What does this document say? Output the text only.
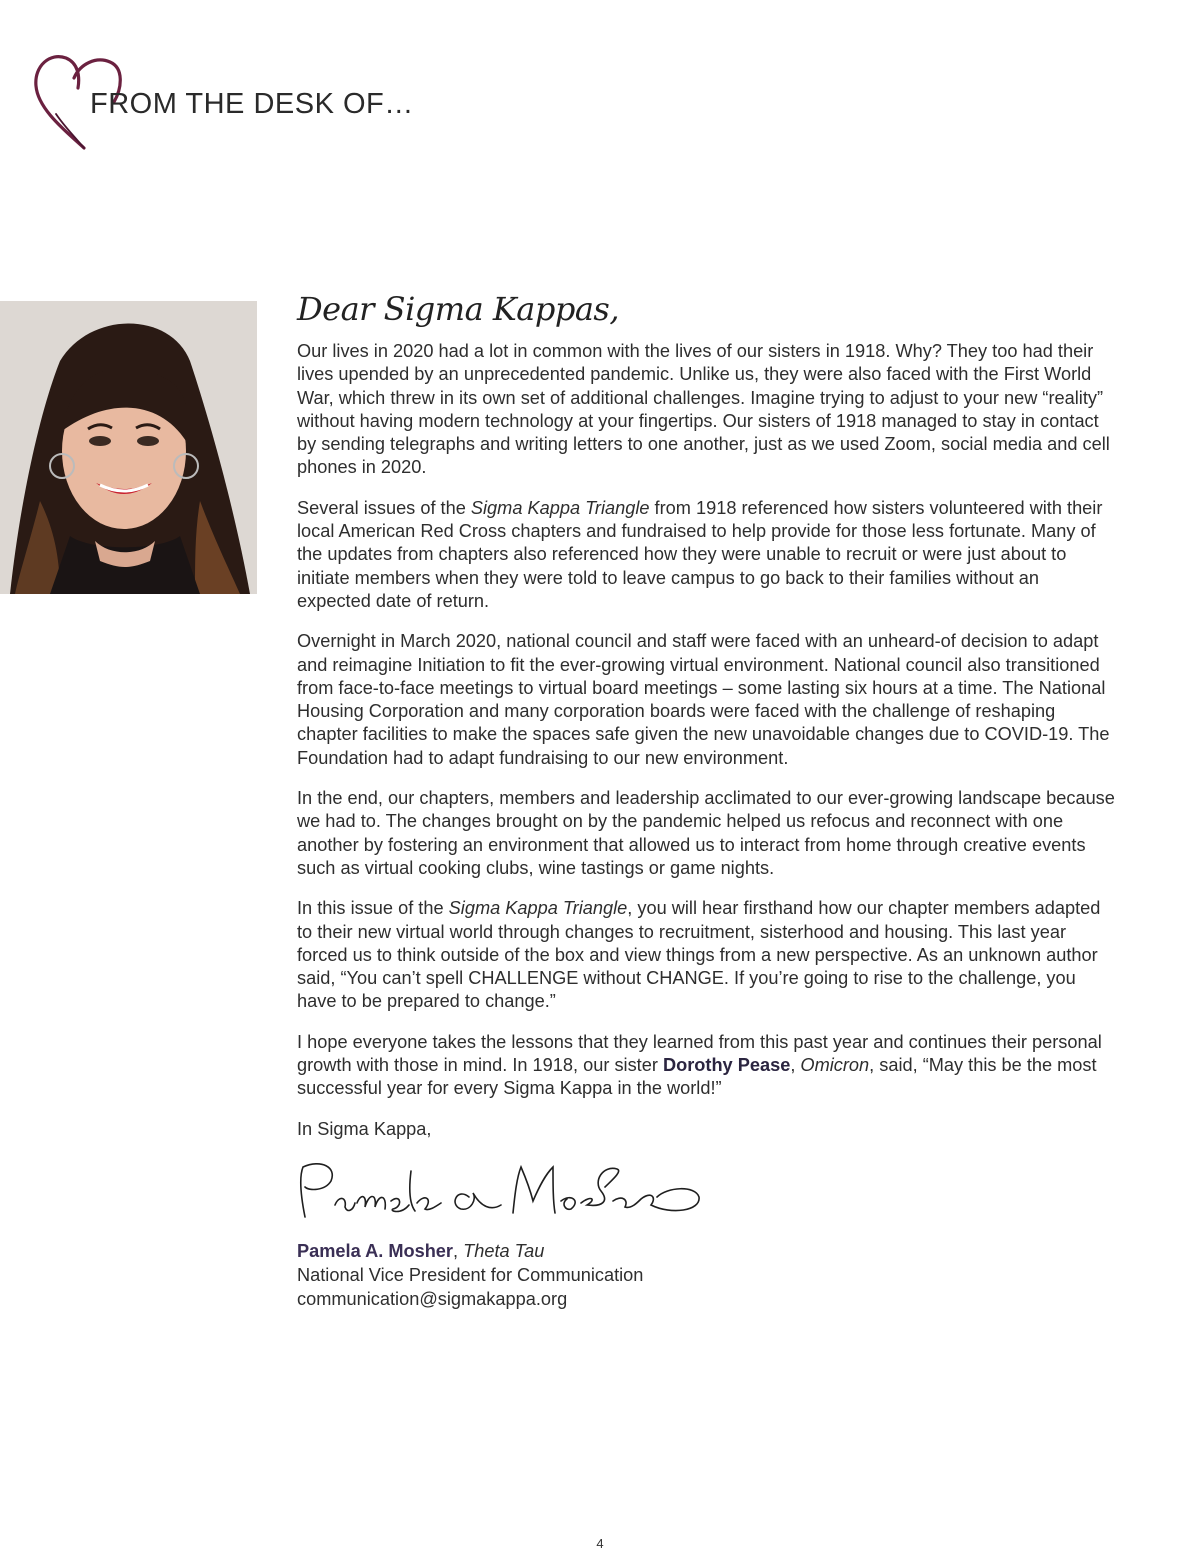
FROM THE DESK OF…

Dear Sigma Kappas,

Our lives in 2020 had a lot in common with the lives of our sisters in 1918. Why? They too had their lives upended by an unprecedented pandemic. Unlike us, they were also faced with the First World War, which threw in its own set of additional challenges. Imagine trying to adjust to your new “reality” without having modern technology at your fingertips. Our sisters of 1918 managed to stay in contact by sending telegraphs and writing letters to one another, just as we used Zoom, social media and cell phones in 2020.

Several issues of the Sigma Kappa Triangle from 1918 referenced how sisters volunteered with their local American Red Cross chapters and fundraised to help provide for those less fortunate. Many of the updates from chapters also referenced how they were unable to recruit or were just about to initiate members when they were told to leave campus to go back to their families without an expected date of return.

Overnight in March 2020, national council and staff were faced with an unheard-of decision to adapt and reimagine Initiation to fit the ever-growing virtual environment. National council also transitioned from face-to-face meetings to virtual board meetings – some lasting six hours at a time. The National Housing Corporation and many corporation boards were faced with the challenge of reshaping chapter facilities to make the spaces safe given the new unavoidable changes due to COVID-19. The Foundation had to adapt fundraising to our new environment.

In the end, our chapters, members and leadership acclimated to our ever-growing landscape because we had to. The changes brought on by the pandemic helped us refocus and reconnect with one another by fostering an environment that allowed us to interact from home through creative events such as virtual cooking clubs, wine tastings or game nights.

In this issue of the Sigma Kappa Triangle, you will hear firsthand how our chapter members adapted to their new virtual world through changes to recruitment, sisterhood and housing. This last year forced us to think outside of the box and view things from a new perspective. As an unknown author said, “You can’t spell CHALLENGE without CHANGE. If you’re going to rise to the challenge, you have to be prepared to change.”

I hope everyone takes the lessons that they learned from this past year and continues their personal growth with those in mind. In 1918, our sister Dorothy Pease, Omicron, said, “May this be the most successful year for every Sigma Kappa in the world!”

In Sigma Kappa,

Pamela A. Mosher, Theta Tau
National Vice President for Communication
communication@sigmakappa.org
4
